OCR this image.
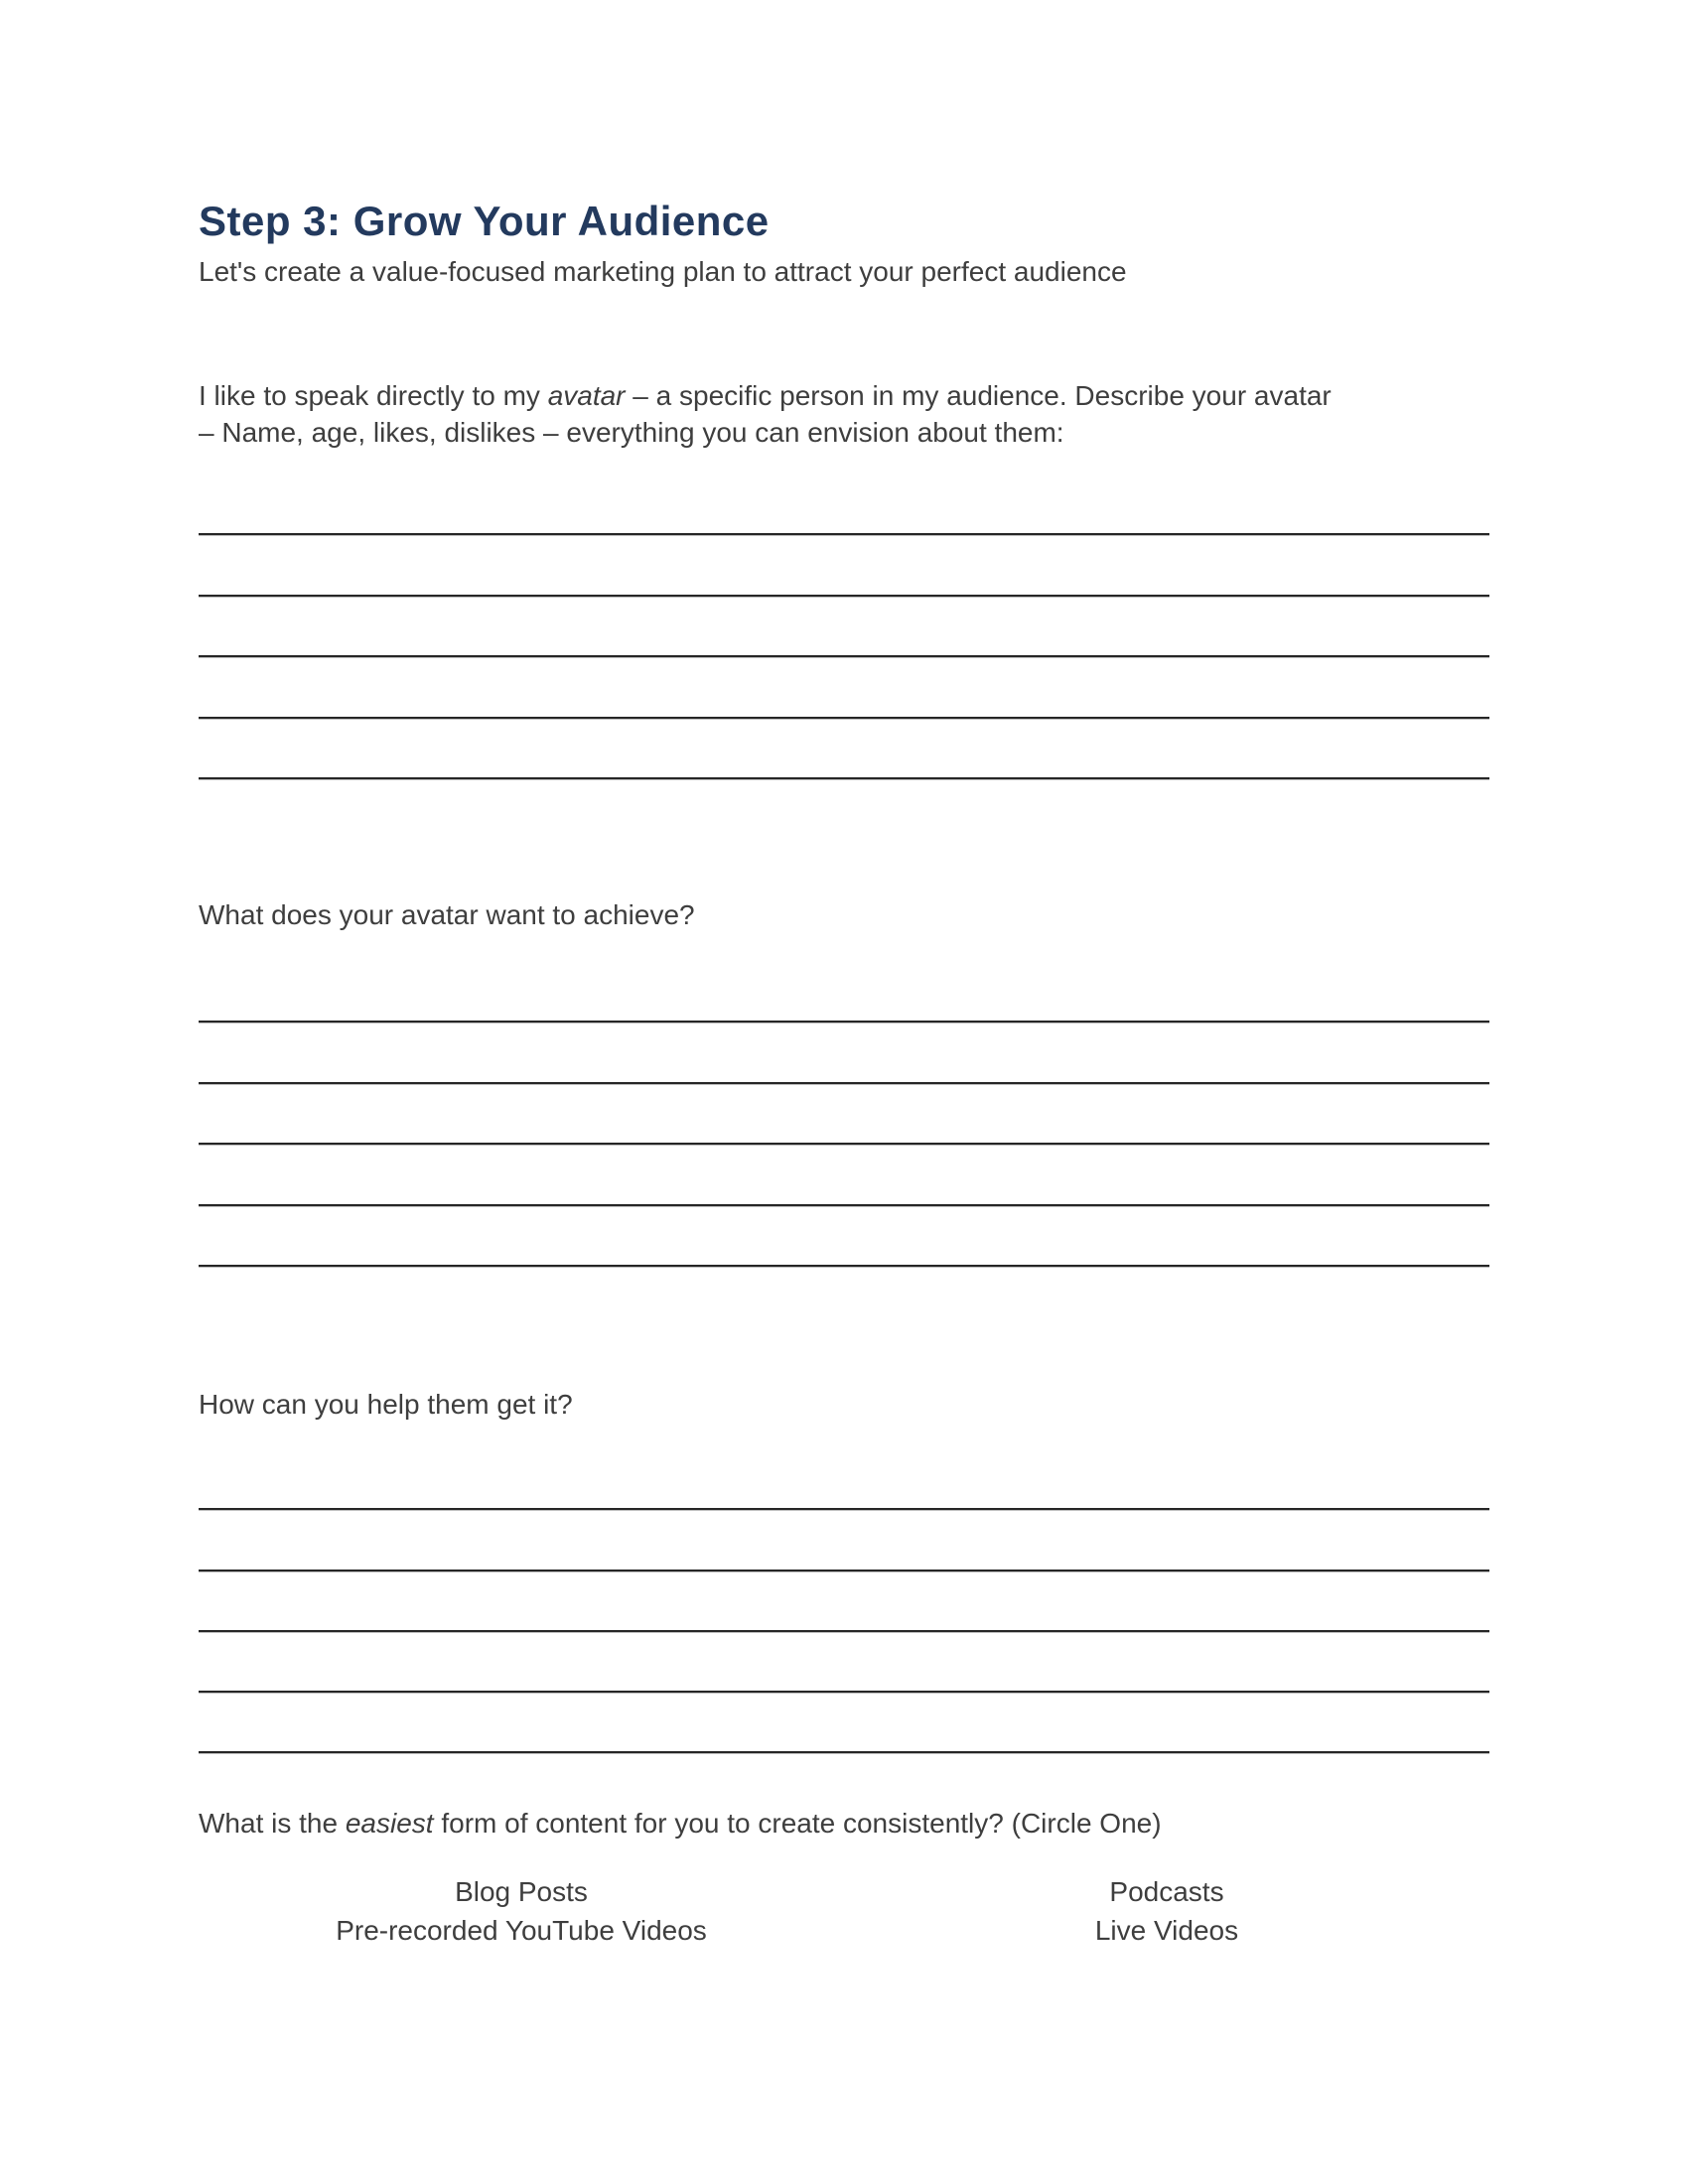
Step 3: Grow Your Audience
Let's create a value-focused marketing plan to attract your perfect audience
I like to speak directly to my avatar – a specific person in my audience. Describe your avatar
– Name, age, likes, dislikes – everything you can envision about them:
What does your avatar want to achieve?
How can you help them get it?
What is the easiest form of content for you to create consistently? (Circle One)
Blog Posts
Pre-recorded YouTube Videos
Podcasts
Live Videos
